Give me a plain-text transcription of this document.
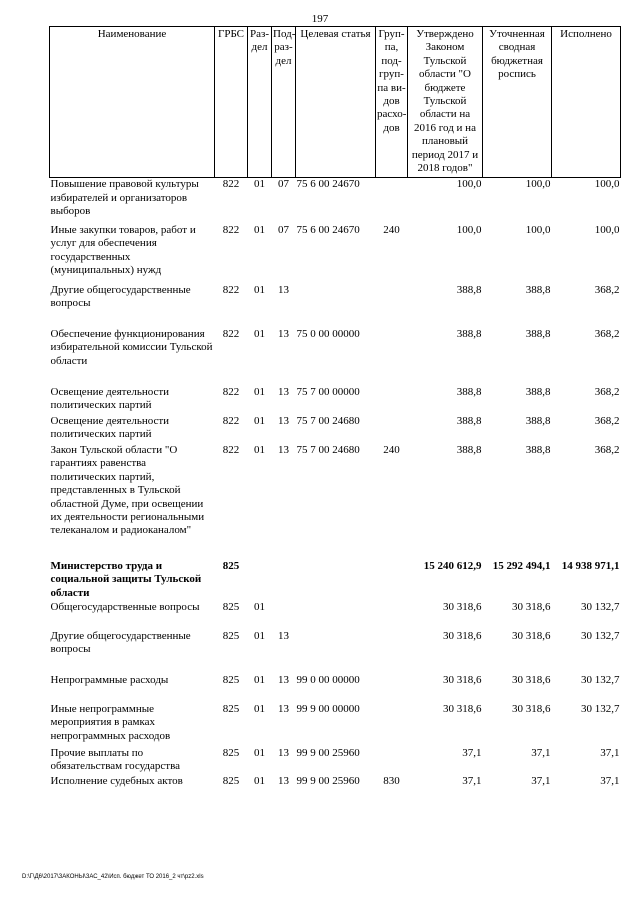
197
Наименование	ГРБС	Раз-дел	Под-раз-дел	Целевая статья	Груп-па, под-груп-па ви-дов расхо-дов	Утверждено Законом Тульской области "О бюджете Тульской области на 2016 год и на плановый период 2017 и 2018 годов"	Уточненная сводная бюджетная роспись	Исполнено
Повышение правовой культуры избирателей и организаторов выборов	822	01	07	75 6 00 24670		100,0	100,0	100,0
Иные закупки товаров, работ и услуг для обеспечения государственных (муниципальных) нужд	822	01	07	75 6 00 24670	240	100,0	100,0	100,0
Другие общегосударственные вопросы	822	01	13			388,8	388,8	368,2
Обеспечение функционирования избирательной комиссии Тульской области	822	01	13	75 0 00 00000		388,8	388,8	368,2
Освещение деятельности политических партий	822	01	13	75 7 00 00000		388,8	388,8	368,2
Освещение деятельности политических партий	822	01	13	75 7 00 24680		388,8	388,8	368,2
Закон Тульской области "О гарантиях равенства политических партий, представленных в Тульской областной Думе, при освещении их деятельности региональными телеканалом и радиоканалом"	822	01	13	75 7 00 24680	240	388,8	388,8	368,2
Министерство труда и социальной защиты Тульской области	825					15 240 612,9	15 292 494,1	14 938 971,1
Общегосударственные вопросы	825	01				30 318,6	30 318,6	30 132,7
Другие общегосударственные вопросы	825	01	13			30 318,6	30 318,6	30 132,7
Непрограммные расходы	825	01	13	99 0 00 00000		30 318,6	30 318,6	30 132,7
Иные непрограммные мероприятия в рамках непрограммных расходов	825	01	13	99 9 00 00000		30 318,6	30 318,6	30 132,7
Прочие выплаты по обязательствам государства	825	01	13	99 9 00 25960		37,1	37,1	37,1
Исполнение судебных актов	825	01	13	99 9 00 25960	830	37,1	37,1	37,1
D:\Г\Д6\2017\ЗАКОНЫ\ЗАС_42\Исп. бюджет ТО 2016_2 чт\рz2.xls
